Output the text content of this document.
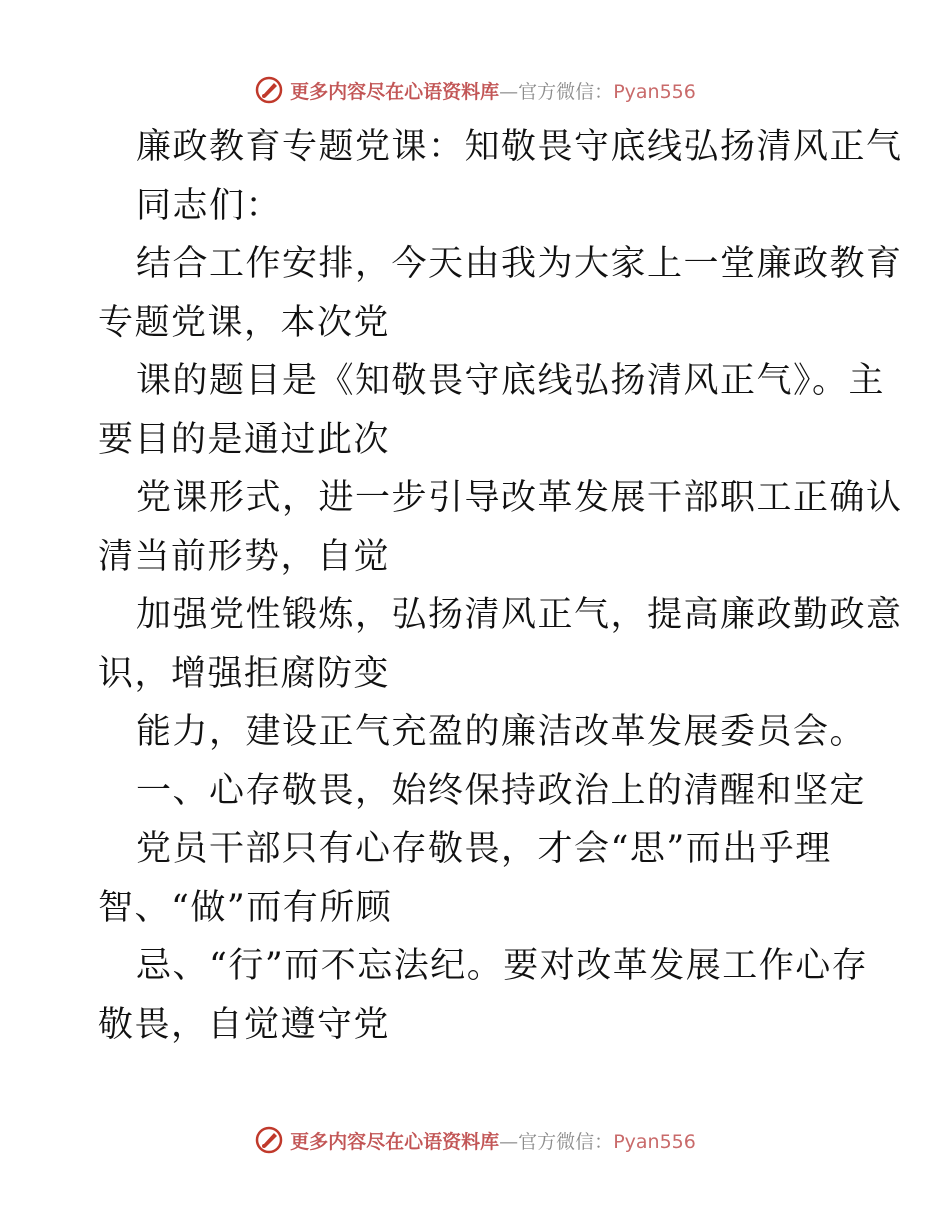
更多内容尽在心语资料库—官方微信：Pyan556
廉政教育专题党课：知敬畏守底线弘扬清风正气
同志们：
结合工作安排，今天由我为大家上一堂廉政教育
专题党课，本次党
课的题目是《知敬畏守底线弘扬清风正气》。主
要目的是通过此次
党课形式，进一步引导改革发展干部职工正确认
清当前形势，自觉
加强党性锻炼，弘扬清风正气，提高廉政勤政意
识，增强拒腐防变
能力，建设正气充盈的廉洁改革发展委员会。
一、心存敬畏，始终保持政治上的清醒和坚定
党员干部只有心存敬畏，才会“思”而出乎理
智、“做”而有所顾
忌、“行”而不忘法纪。要对改革发展工作心存
敬畏，自觉遵守党
更多内容尽在心语资料库—官方微信：Pyan556
